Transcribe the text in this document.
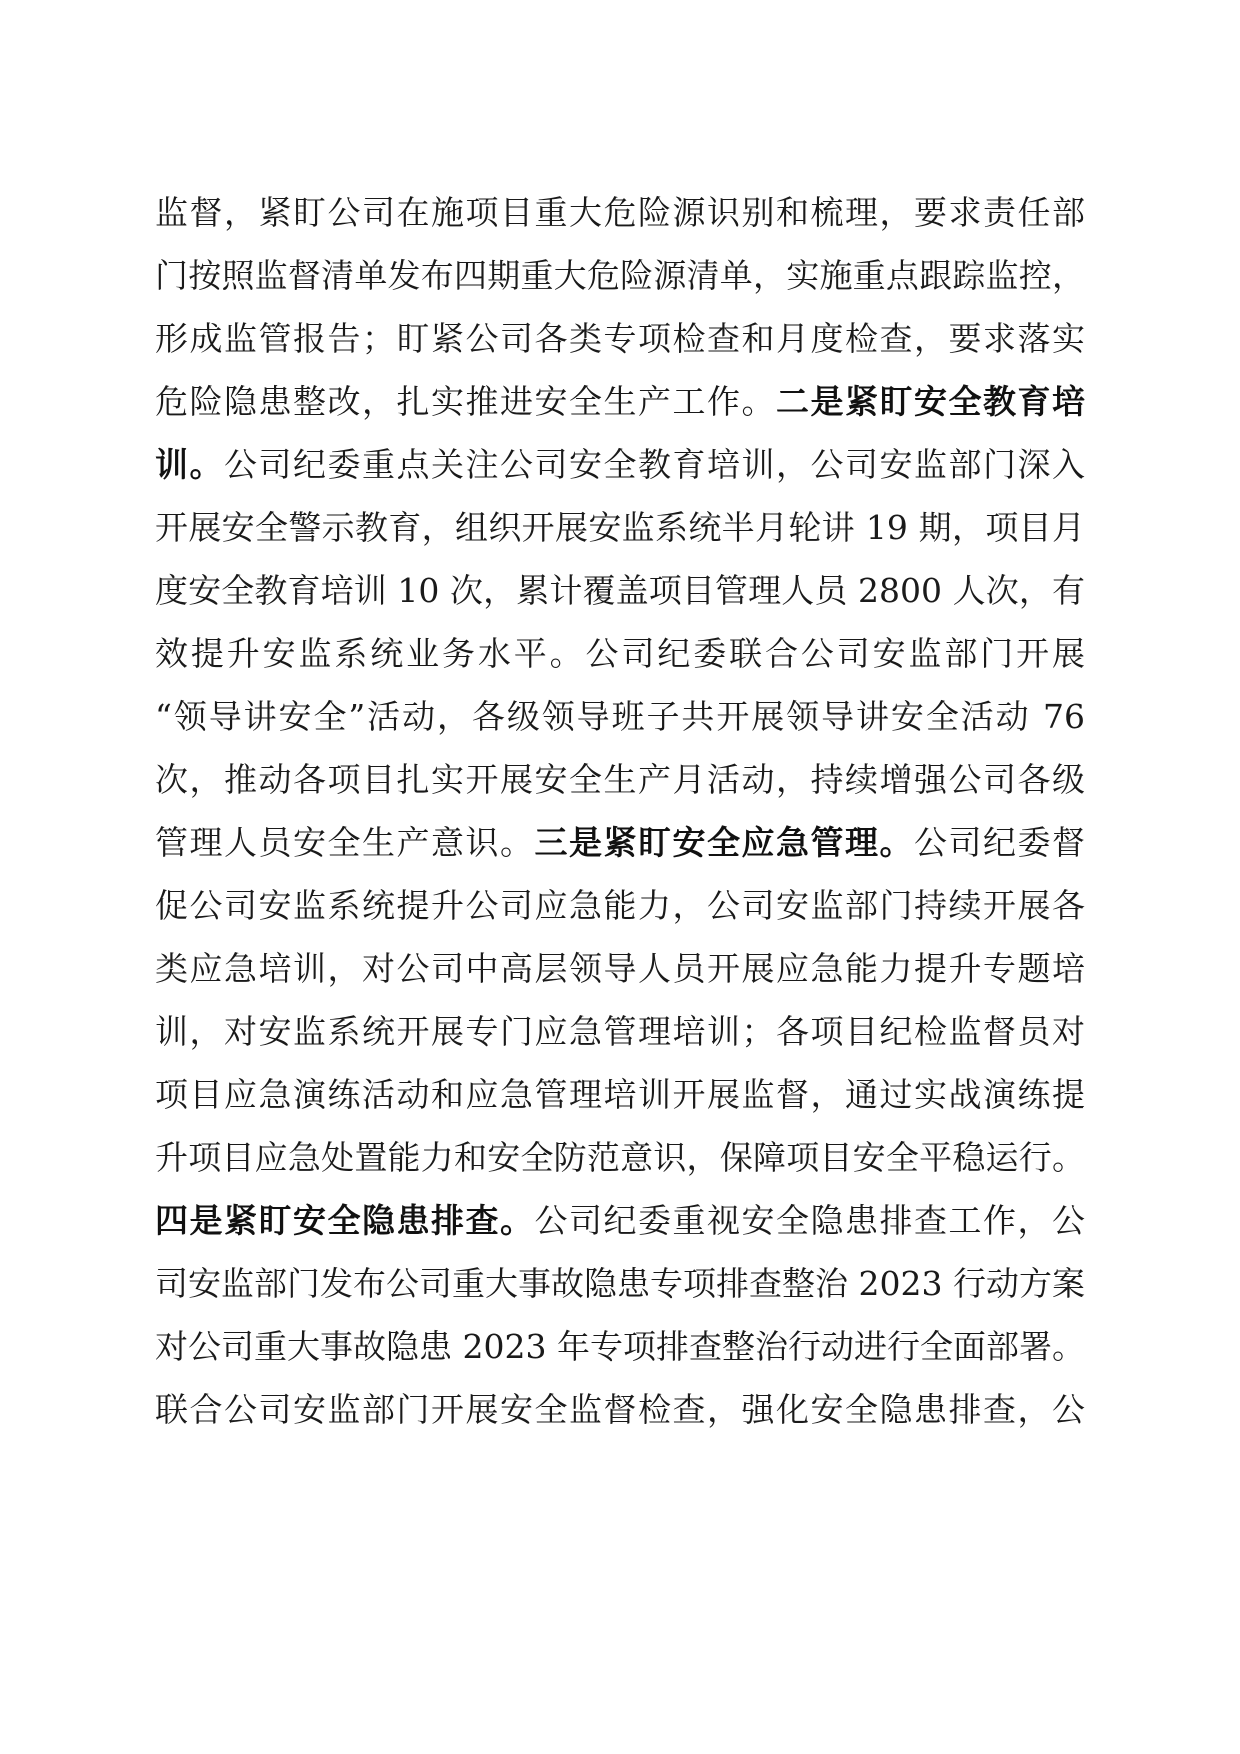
监督，紧盯公司在施项目重大危险源识别和梳理，要求责任部
门按照监督清单发布四期重大危险源清单，实施重点跟踪监控，
形成监管报告；盯紧公司各类专项检查和月度检查，要求落实
危险隐患整改，扎实推进安全生产工作。二是紧盯安全教育培
训。公司纪委重点关注公司安全教育培训，公司安监部门深入
开展安全警示教育，组织开展安监系统半月轮讲 19 期，项目月
度安全教育培训 10 次，累计覆盖项目管理人员 2800 人次，有
效提升安监系统业务水平。公司纪委联合公司安监部门开展
“领导讲安全”活动，各级领导班子共开展领导讲安全活动 76
次，推动各项目扎实开展安全生产月活动，持续增强公司各级
管理人员安全生产意识。三是紧盯安全应急管理。公司纪委督
促公司安监系统提升公司应急能力，公司安监部门持续开展各
类应急培训，对公司中高层领导人员开展应急能力提升专题培
训，对安监系统开展专门应急管理培训；各项目纪检监督员对
项目应急演练活动和应急管理培训开展监督，通过实战演练提
升项目应急处置能力和安全防范意识，保障项目安全平稳运行。
四是紧盯安全隐患排查。公司纪委重视安全隐患排查工作，公
司安监部门发布公司重大事故隐患专项排查整治 2023 行动方案
对公司重大事故隐患 2023 年专项排查整治行动进行全面部署。
联合公司安监部门开展安全监督检查，强化安全隐患排查，公
